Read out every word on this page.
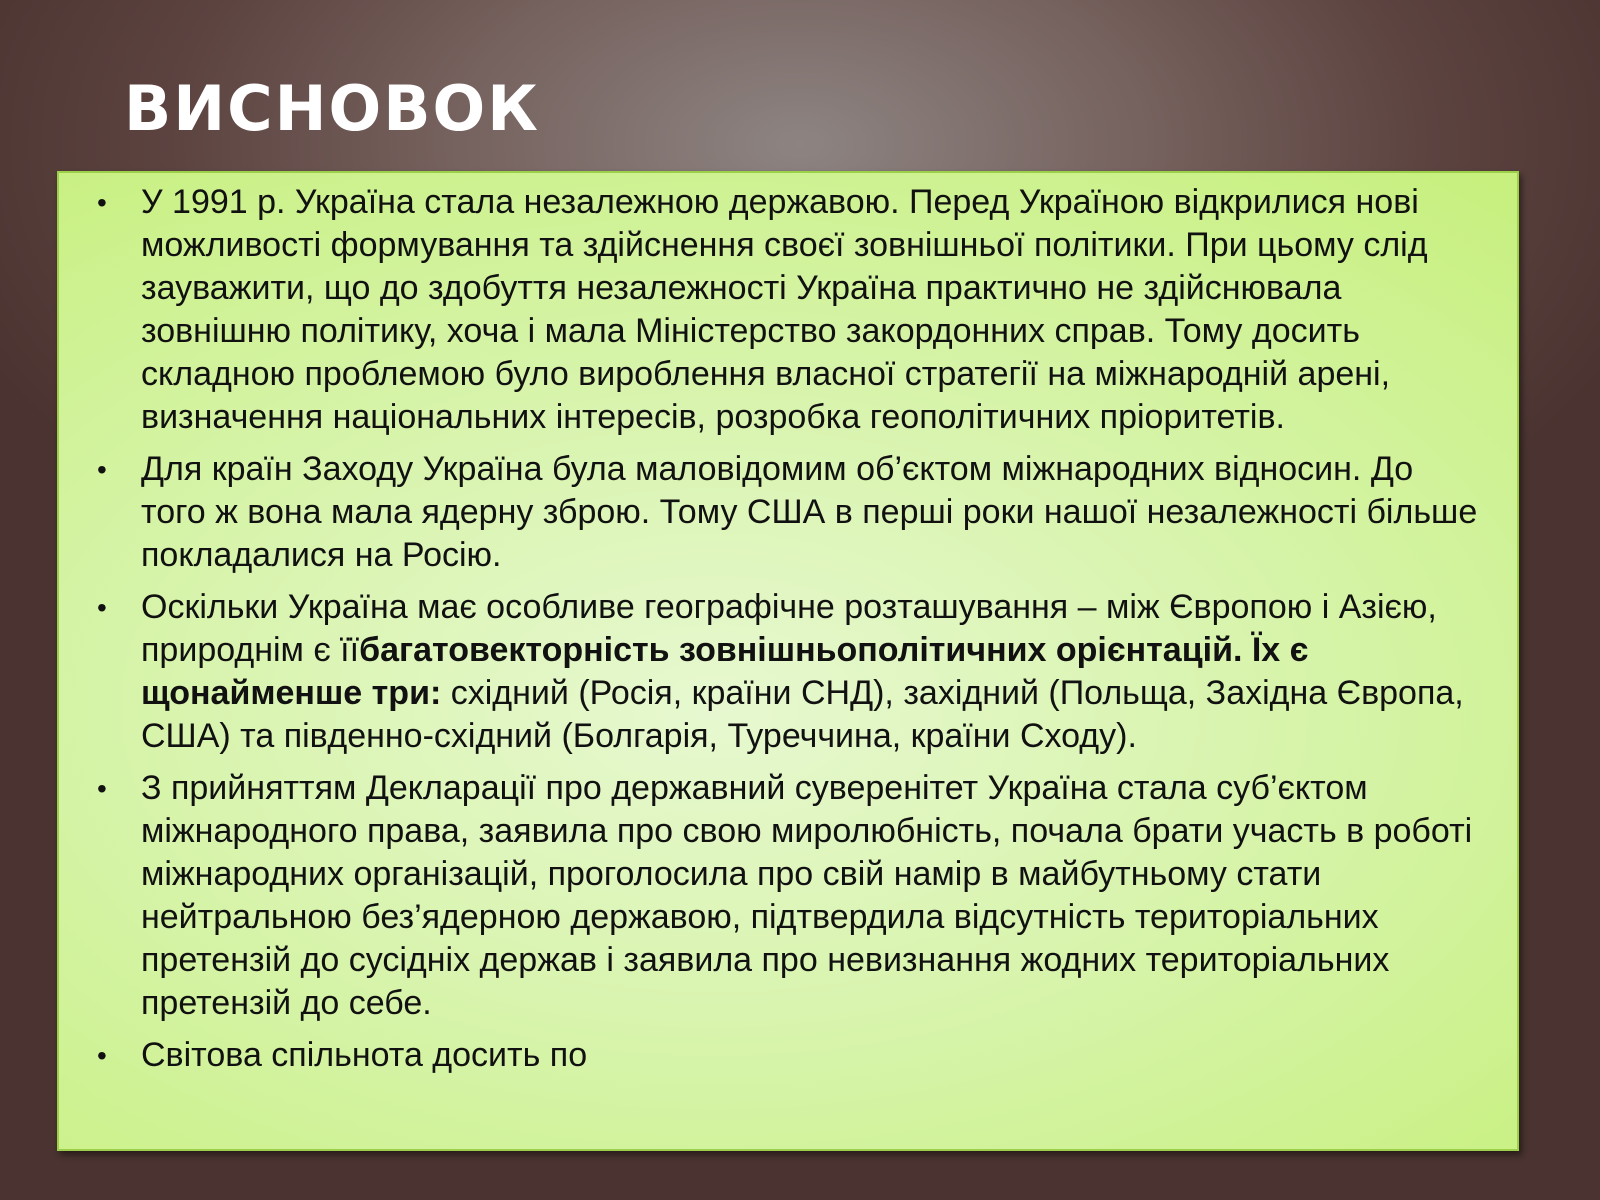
ВИСНОВОК
• У 1991 р. Україна стала незалежною державою. Перед Україною відкрилися нові можливості формування та здійснення своєї зовнішньої політики. При цьому слід зауважити, що до здобуття незалежності Україна практично не здійснювала зовнішню політику, хоча і мала Міністерство закордонних справ. Тому досить складною проблемою було вироблення власної стратегії на міжнародній арені, визначення національних інтересів, розробка геополітичних пріоритетів.
• Для країн Заходу Україна була маловідомим об’єктом міжнародних відносин. До того ж вона мала ядерну зброю. Тому США в перші роки нашої незалежності більше покладалися на Росію.
• Оскільки Україна має особливе географічне розташування – між Європою і Азією, природнім є їїбагатовекторність зовнішньополітичних орієнтацій. Їх є щонайменше три: східний (Росія, країни СНД), західний (Польща, Західна Європа, США) та південно-східний (Болгарія, Туреччина, країни Сходу).
• З прийняттям Декларації про державний суверенітет Україна стала суб’єктом міжнародного права, заявила про свою миролюбність, почала брати участь в роботі міжнародних організацій, проголосила про свій намір в майбутньому стати нейтральною без’ядерною державою, підтвердила відсутність територіальних претензій до сусідніх держав і заявила про невизнання жодних територіальних претензій до себе.
• Світова спільнота досить по
